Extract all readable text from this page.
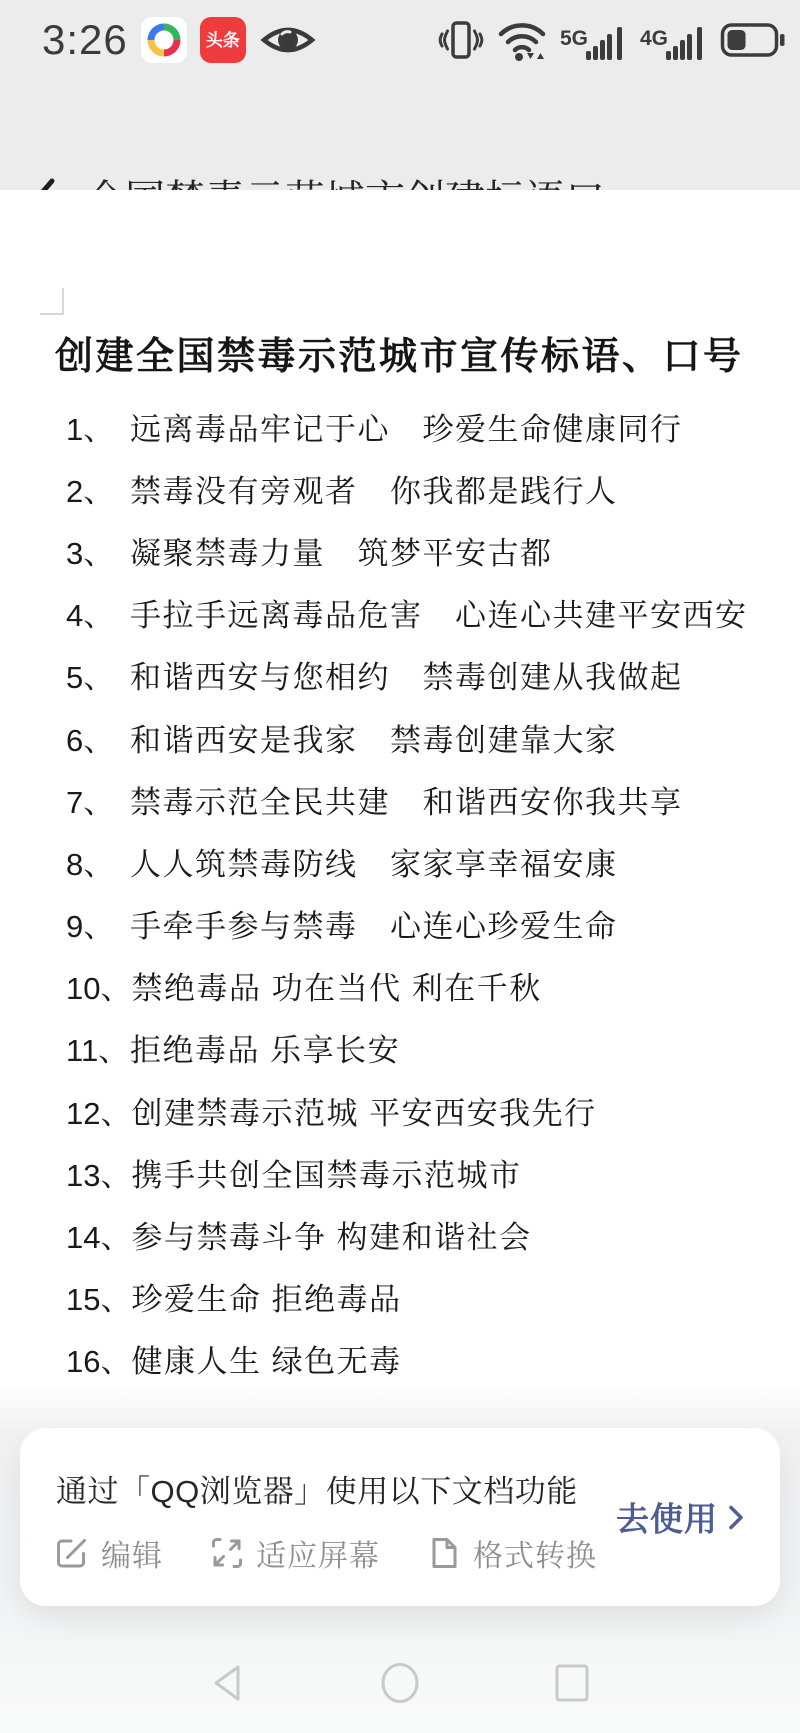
3:26	头条	5G 4G
创建全国禁毒示范城市宣传标语、口号
1、 远离毒品牢记于心　珍爱生命健康同行
2、 禁毒没有旁观者　你我都是践行人
3、 凝聚禁毒力量　筑梦平安古都
4、 手拉手远离毒品危害　心连心共建平安西安
5、 和谐西安与您相约　禁毒创建从我做起
6、 和谐西安是我家　禁毒创建靠大家
7、 禁毒示范全民共建　和谐西安你我共享
8、 人人筑禁毒防线　家家享幸福安康
9、 手牵手参与禁毒　心连心珍爱生命
10、 禁绝毒品 功在当代 利在千秋
11、 拒绝毒品 乐享长安
12、 创建禁毒示范城 平安西安我先行
13、 携手共创全国禁毒示范城市
14、 参与禁毒斗争 构建和谐社会
15、 珍爱生命 拒绝毒品
16、 健康人生 绿色无毒
通过「QQ浏览器」使用以下文档功能
编辑	适应屏幕	格式转换
去使用
